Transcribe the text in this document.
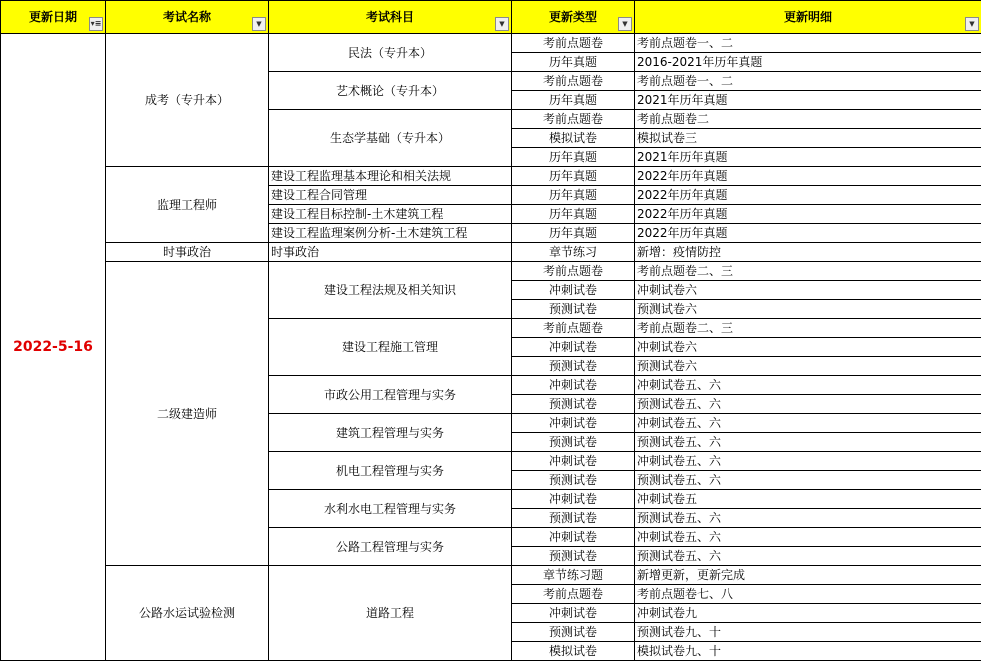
更新日期 ▾≡	考试名称 ▼	考试科目 ▼	更新类型 ▼	更新明细 ▼

2022-5-16	成考（专升本）	民法（专升本）	考前点题卷	考前点题卷一、二
			历年真题	2016-2021年历年真题
		艺术概论（专升本）	考前点题卷	考前点题卷一、二
			历年真题	2021年历年真题
		生态学基础（专升本）	考前点题卷	考前点题卷二
			模拟试卷	模拟试卷三
			历年真题	2021年历年真题
	监理工程师	建设工程监理基本理论和相关法规	历年真题	2022年历年真题
		建设工程合同管理	历年真题	2022年历年真题
		建设工程目标控制-土木建筑工程	历年真题	2022年历年真题
		建设工程监理案例分析-土木建筑工程	历年真题	2022年历年真题
	时事政治	时事政治	章节练习	新增：疫情防控
	二级建造师	建设工程法规及相关知识	考前点题卷	考前点题卷二、三
			冲刺试卷	冲刺试卷六
			预测试卷	预测试卷六
		建设工程施工管理	考前点题卷	考前点题卷二、三
			冲刺试卷	冲刺试卷六
			预测试卷	预测试卷六
		市政公用工程管理与实务	冲刺试卷	冲刺试卷五、六
			预测试卷	预测试卷五、六
		建筑工程管理与实务	冲刺试卷	冲刺试卷五、六
			预测试卷	预测试卷五、六
		机电工程管理与实务	冲刺试卷	冲刺试卷五、六
			预测试卷	预测试卷五、六
		水利水电工程管理与实务	冲刺试卷	冲刺试卷五
			预测试卷	预测试卷五、六
		公路工程管理与实务	冲刺试卷	冲刺试卷五、六
			预测试卷	预测试卷五、六
	公路水运试验检测	道路工程	章节练习题	新增更新，更新完成
			考前点题卷	考前点题卷七、八
			冲刺试卷	冲刺试卷九
			预测试卷	预测试卷九、十
			模拟试卷	模拟试卷九、十
